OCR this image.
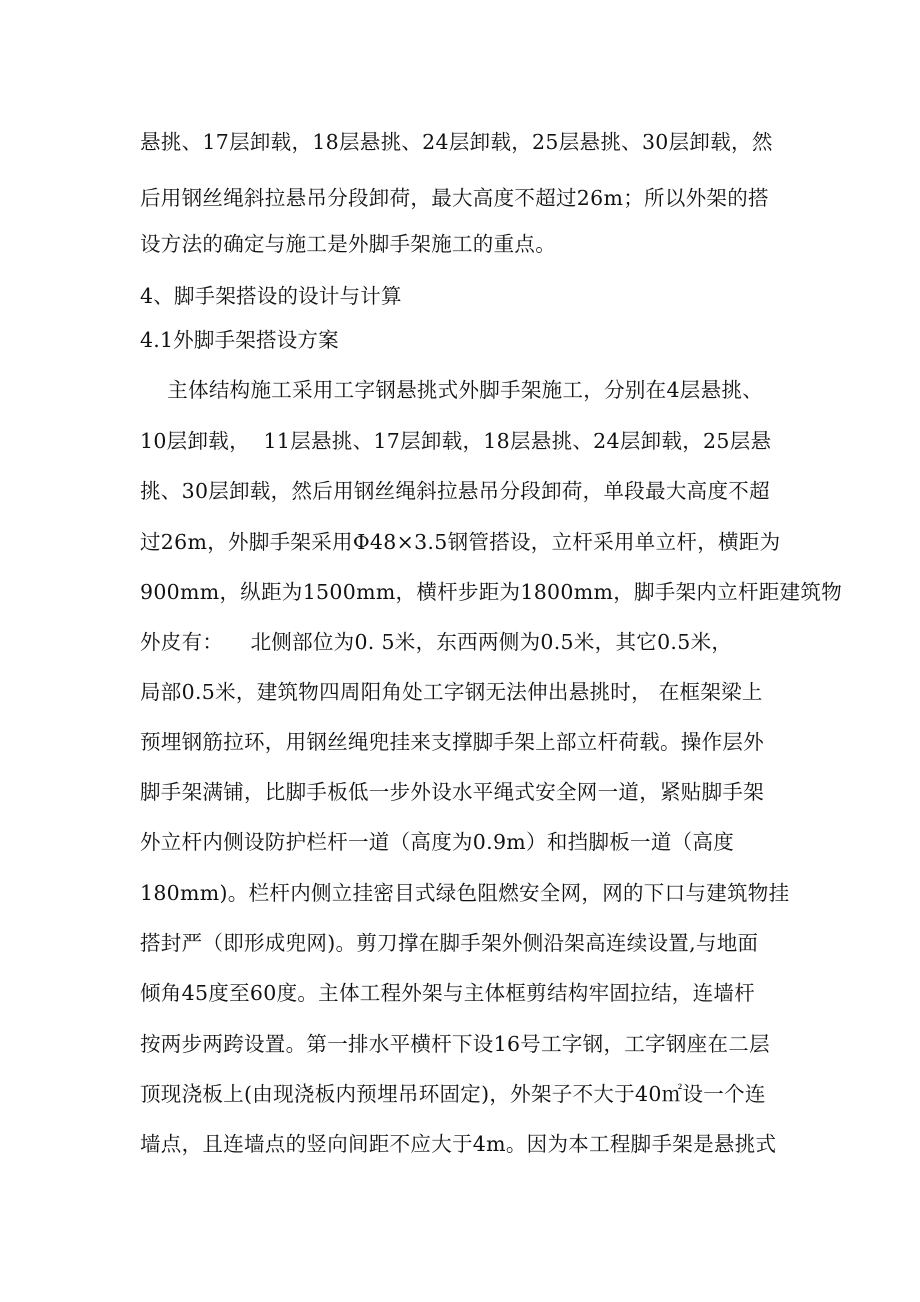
悬挑、17层卸载，18层悬挑、24层卸载，25层悬挑、30层卸载，然
后用钢丝绳斜拉悬吊分段卸荷，最大高度不超过26m；所以外架的搭
设方法的确定与施工是外脚手架施工的重点。
4、脚手架搭设的设计与计算
4.1外脚手架搭设方案
主体结构施工采用工字钢悬挑式外脚手架施工，分别在4层悬挑、
10层卸载，  11层悬挑、17层卸载，18层悬挑、24层卸载，25层悬
挑、30层卸载，然后用钢丝绳斜拉悬吊分段卸荷，单段最大高度不超
过26m，外脚手架采用Φ48×3.5钢管搭设，立杆采用单立杆，横距为
900mm，纵距为1500mm，横杆步距为1800mm，脚手架内立杆距建筑物
外皮有：    北侧部位为0. 5米，东西两侧为0.5米，其它0.5米，
局部0.5米，建筑物四周阳角处工字钢无法伸出悬挑时， 在框架梁上
预埋钢筋拉环，用钢丝绳兜挂来支撑脚手架上部立杆荷载。操作层外
脚手架满铺，比脚手板低一步外设水平绳式安全网一道，紧贴脚手架
外立杆内侧设防护栏杆一道（高度为0.9m）和挡脚板一道（高度
180mm)。栏杆内侧立挂密目式绿色阻燃安全网，网的下口与建筑物挂
搭封严（即形成兜网)。剪刀撑在脚手架外侧沿架高连续设置,与地面
倾角45度至60度。主体工程外架与主体框剪结构牢固拉结，连墙杆
按两步两跨设置。第一排水平横杆下设16号工字钢，工字钢座在二层
顶现浇板上(由现浇板内预埋吊环固定)，外架子不大于40㎡设一个连
墙点，且连墙点的竖向间距不应大于4m。因为本工程脚手架是悬挑式
